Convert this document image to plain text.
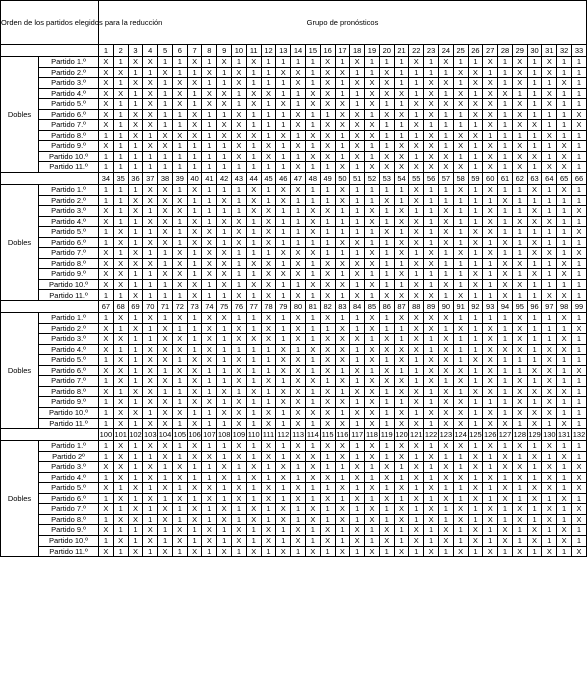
Orden de los partidos elegidos para la reducción		Grupo de pronósticos																																
		1	2	3	4	5	6	7	8	9	10	11	12	13	14	15	16	17	18	19	20	21	22	23	24	25	26	27	28	29	30	31	32	33
Dobles	Partido 1.º	X	1	X	X	1	1	X	1	X	1	X	1	1	1	1	X	1	X	1	1	1	X	1	X	1	1	X	1	X	1	X	1	1
	Partido 2.º	X	X	1	1	X	1	1	X	1	X	1	1	X	X	1	X	X	1	1	X	1	1	1	1	X	X	1	1	X	1	X	1	1
	Partido 3.º	X	1	X	X	1	X	X	1	1	X	1	1	1	X	1	X	1	X	X	X	1	1	X	X	1	X	X	1	X	1	1	X	1
	Partido 4.º	X	X	1	X	1	X	1	X	X	1	X	X	1	1	X	X	1	1	X	X	X	1	X	1	X	1	X	X	1	1	X	1	1
	Partido 5.º	X	1	1	X	1	X	1	X	X	1	X	1	X	1	X	X	X	1	X	1	1	X	X	X	X	X	X	1	X	1	X	1	1
	Partido 6.º	X	1	X	X	1	1	X	1	1	X	1	1	1	X	1	1	X	X	1	X	X	1	X	1	1	X	X	1	X	1	1	1	X
	Partido 7.º	X	1	X	X	1	1	X	1	X	X	1	1	1	X	1	X	X	X	X	1	1	X	1	1	1	1	X	1	X	X	1	1	X
	Partido 8.º	1	1	X	1	X	X	X	1	X	X	X	1	X	1	X	X	1	X	X	1	1	1	X	1	X	X	1	1	1	1	X	1	1
	Partido 9.º	X	1	1	X	X	1	1	1	1	X	1	X	1	X	1	X	1	X	1	1	X	X	X	1	X	1	X	1	X	1	1	X	1
	Partido 10.º	1	1	1	1	1	1	1	1	1	X	1	X	1	1	X	X	1	X	1	X	X	1	X	X	1	1	X	1	X	X	1	X	1
	Partido 11.º	1	1	1	1	1	1	1	1	1	1	1	1	1	X	1	1	X	1	X	X	X	X	X	X	X	1	X	1	X	1	X	X	1
		34	35	36	37	38	39	40	41	42	43	44	45	46	47	48	49	50	51	52	53	54	55	56	57	58	59	60	61	62	63	64	65	66
Dobles	Partido 1.º	1	1	1	X	X	1	X	1	1	1	X	1	X	X	1	1	X	1	1	1	1	X	1	1	X	1	X	1	1	X	1	X	1
	Partido 2.º	1	1	X	X	X	X	1	1	X	1	X	1	X	1	1	1	X	1	1	X	1	X	1	1	1	1	1	X	1	1	1	1	1
	Partido 3.º	X	1	X	1	X	X	1	1	1	1	X	X	1	1	X	X	1	1	X	1	X	1	1	X	1	1	X	1	1	X	1	1	X
	Partido 4.º	X	1	1	X	X	1	X	1	X	X	1	X	1	1	X	1	1	1	X	1	X	X	1	X	1	1	X	1	X	X	X	1	1
	Partido 5.º	1	X	1	1	X	1	X	X	1	X	1	X	1	1	X	1	1	1	1	X	1	X	1	X	1	X	X	1	1	1	1	1	X
	Partido 6.º	1	X	1	X	X	1	X	X	1	X	1	X	1	1	1	1	X	X	1	1	X	X	1	X	1	X	1	X	1	X	1	1	1
	Partido 7.º	X	1	X	1	1	X	1	X	X	1	1	1	X	X	X	1	1	1	X	1	X	1	X	1	X	1	X	1	1	X	X	1	X
	Partido 8.º	X	X	X	X	1	X	1	X	X	1	X	X	1	X	1	X	X	X	X	1	1	X	X	1	1	1	1	X	X	1	1	X	1
	Partido 9.º	X	X	1	1	X	X	1	X	X	1	1	X	X	X	1	X	1	X	1	1	X	1	1	1	1	X	1	X	1	X	1	X	1
	Partido 10.º	X	X	1	1	1	X	X	1	X	1	X	X	1	1	X	X	X	1	X	1	1	X	1	X	1	X	1	X	X	1	1	1	1
	Partido 11.º	1	1	X	1	1	1	X	1	1	X	1	X	1	X	1	X	1	X	1	X	X	X	X	1	X	1	1	X	1	1	X	X	1
		67	68	69	70	71	72	73	74	75	76	77	78	79	80	81	82	83	84	85	86	87	88	89	90	91	92	93	94	95	96	97	98	99
Dobles	Partido 1.º	1	X	1	X	1	X	1	X	X	1	1	X	1	X	1	X	1	1	X	1	X	X	X	X	1	1	1	1	X	1	1	X	1
	Partido 2.º	X	1	X	1	X	1	1	X	1	X	1	X	1	X	1	1	X	1	X	1	1	X	X	1	X	1	X	1	X	1	1	1	X
	Partido 3.º	X	X	1	1	X	X	1	X	1	X	X	X	1	X	1	X	X	X	1	X	1	X	1	X	1	1	X	1	X	1	1	X	1
	Partido 4.º	X	1	1	X	X	X	1	X	1	1	1	1	X	1	X	X	X	1	X	X	X	X	1	X	1	1	X	X	X	1	X	X	1
	Partido 5.º	1	X	1	X	X	1	X	X	1	X	1	1	X	X	1	X	X	1	X	1	X	1	X	X	1	X	X	1	1	1	X	1	1
	Partido 6.º	X	X	1	X	1	X	X	1	1	X	1	1	X	X	1	X	1	X	1	X	1	1	X	X	X	1	X	1	1	X	X	1	X
	Partido 7.º	1	X	1	X	X	1	X	1	1	X	1	X	1	X	X	1	X	1	X	X	X	1	X	1	X	1	X	1	X	1	X	1	1
	Partido 8.º	X	1	X	X	1	1	X	1	X	1	X	1	X	X	1	X	1	X	X	1	X	X	1	X	1	X	X	1	X	X	X	X	1
	Partido 9.º	1	X	1	X	X	1	X	X	1	X	1	1	X	X	1	X	X	1	X	1	1	X	1	X	X	1	1	1	X	1	X	1	1
	Partido 10.º	1	X	X	1	X	X	1	1	X	X	1	X	1	X	X	X	1	X	X	1	X	1	X	X	X	1	X	1	X	X	X	1	1
	Partido 11.º	1	X	1	X	X	1	X	1	1	X	1	X	1	X	1	X	X	1	X	1	X	X	1	X	X	1	X	X	1	X	1	X	1
		100	101	102	103	104	105	106	107	108	109	110	111	112	113	114	115	116	117	118	119	120	121	122	123	124	125	126	127	128	129	130	131	132
Dobles	Partido 1.º	1	X	1	X	X	1	X	1	1	X	1	X	1	X	1	X	X	1	X	1	X	X	1	X	X	1	X	1	X	1	X	1	1
	Partido 2º	1	X	1	1	X	1	X	X	1	X	1	X	1	X	X	1	X	1	X	1	X	1	X	1	1	X	1	X	1	X	1	X	1
	Partido 3.º	X	X	1	X	1	X	1	1	X	1	X	1	X	1	X	1	1	X	1	X	1	X	1	X	1	X	1	X	X	1	X	1	X
	Partido 4.º	1	X	1	X	1	X	1	1	X	1	X	1	X	1	X	X	1	X	1	X	1	X	1	X	X	1	X	1	X	1	X	1	X
	Partido 5.º	X	1	X	1	X	1	X	X	1	X	1	X	1	X	1	1	X	1	X	1	X	1	X	1	1	X	1	X	1	X	X	1	X
	Partido 6.º	1	X	1	X	1	X	1	X	1	X	1	X	1	X	1	X	1	X	1	X	1	X	1	X	1	X	1	X	1	X	1	X	1
	Partido 7.º	X	1	X	1	X	1	X	1	X	1	X	1	X	1	X	1	X	1	X	1	X	1	X	1	X	1	X	1	X	1	X	1	X
	Partido 8.º	1	X	X	1	X	1	X	1	X	1	X	1	X	1	X	1	X	1	X	1	X	1	X	1	X	1	X	1	X	1	X	1	X
	Partido 9.º	X	1	1	X	1	X	1	X	1	X	1	X	1	X	1	X	1	X	1	X	1	X	1	X	1	X	1	X	1	X	1	X	1
	Partido 10.º	1	X	1	X	1	X	1	X	1	X	1	X	1	X	1	X	1	X	1	X	1	X	1	X	1	X	1	X	1	X	1	X	1
	Partido 11.º	X	1	X	1	X	1	X	1	X	1	X	1	X	1	X	1	X	1	X	1	X	1	X	1	X	1	X	1	X	1	X	1	X
